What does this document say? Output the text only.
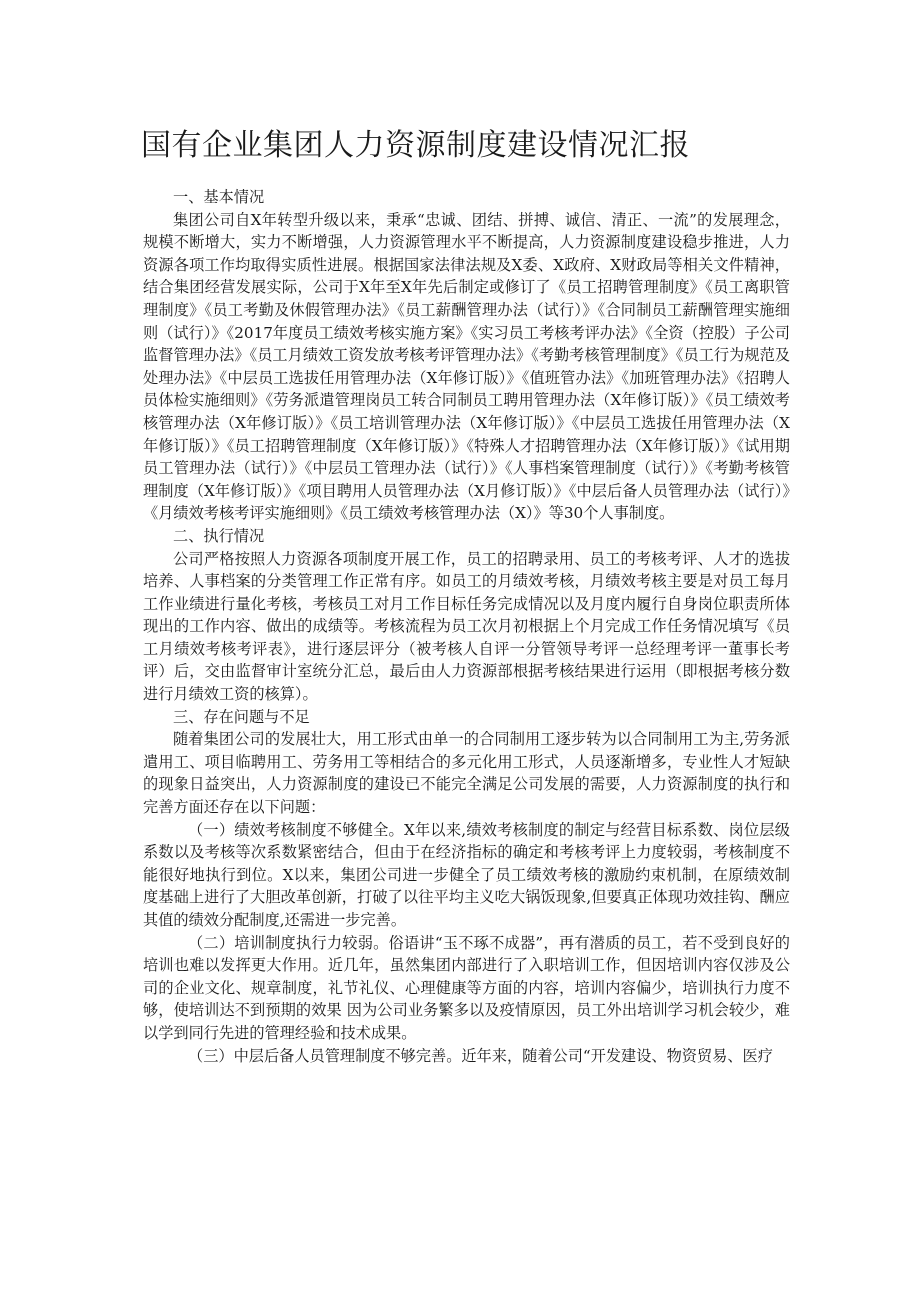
国有企业集团人力资源制度建设情况汇报

一、基本情况

集团公司自X年转型升级以来，秉承“忠诚、团结、拼搏、诚信、清正、一流”的发展理念，规模不断增大，实力不断增强，人力资源管理水平不断提高，人力资源制度建设稳步推进，人力资源各项工作均取得实质性进展。根据国家法律法规及X委、X政府、X财政局等相关文件精神，结合集团经营发展实际，公司于X年至X年先后制定或修订了《员工招聘管理制度》《员工离职管理制度》《员工考勤及休假管理办法》《员工薪酬管理办法（试行）》《合同制员工薪酬管理实施细则（试行）》《2017年度员工绩效考核实施方案》《实习员工考核考评办法》《全资（控股）子公司监督管理办法》《员工月绩效工资发放考核考评管理办法》《考勤考核管理制度》《员工行为规范及处理办法》《中层员工选拔任用管理办法（X年修订版）》《值班管办法》《加班管理办法》《招聘人员体检实施细则》《劳务派遣管理岗员工转合同制员工聘用管理办法（X年修订版）》《员工绩效考核管理办法（X年修订版）》《员工培训管理办法（X年修订版）》《中层员工选拔任用管理办法（X年修订版）》《员工招聘管理制度（X年修订版）》《特殊人才招聘管理办法（X年修订版）》《试用期员工管理办法（试行）》《中层员工管理办法（试行）》《人事档案管理制度（试行）》《考勤考核管理制度（X年修订版）》《项目聘用人员管理办法（X月修订版）》《中层后备人员管理办法（试行）》《月绩效考核考评实施细则》《员工绩效考核管理办法（X）》等30个人事制度。

二、执行情况

公司严格按照人力资源各项制度开展工作，员工的招聘录用、员工的考核考评、人才的选拔培养、人事档案的分类管理工作正常有序。如员工的月绩效考核，月绩效考核主要是对员工每月工作业绩进行量化考核，考核员工对月工作目标任务完成情况以及月度内履行自身岗位职责所体现出的工作内容、做出的成绩等。考核流程为员工次月初根据上个月完成工作任务情况填写《员工月绩效考核考评表》，进行逐层评分（被考核人自评一分管领导考评一总经理考评一董事长考评）后，交由监督审计室统分汇总，最后由人力资源部根据考核结果进行运用（即根据考核分数进行月绩效工资的核算）。

三、存在问题与不足

随着集团公司的发展壮大，用工形式由单一的合同制用工逐步转为以合同制用工为主,劳务派遣用工、项目临聘用工、劳务用工等相结合的多元化用工形式，人员逐渐增多，专业性人才短缺的现象日益突出，人力资源制度的建设已不能完全满足公司发展的需要，人力资源制度的执行和完善方面还存在以下问题：

（一）绩效考核制度不够健全。X年以来,绩效考核制度的制定与经营目标系数、岗位层级系数以及考核等次系数紧密结合，但由于在经济指标的确定和考核考评上力度较弱，考核制度不能很好地执行到位。X以来，集团公司进一步健全了员工绩效考核的激励约束机制，在原绩效制度基础上进行了大胆改革创新，打破了以往平均主义吃大锅饭现象,但要真正体现功效挂钩、酬应其值的绩效分配制度,还需进一步完善。

（二）培训制度执行力较弱。俗语讲“玉不琢不成器”，再有潜质的员工，若不受到良好的培训也难以发挥更大作用。近几年，虽然集团内部进行了入职培训工作，但因培训内容仅涉及公司的企业文化、规章制度，礼节礼仪、心理健康等方面的内容，培训内容偏少，培训执行力度不够，使培训达不到预期的效果 因为公司业务繁多以及疫情原因，员工外出培训学习机会较少，难以学到同行先进的管理经验和技术成果。

（三）中层后备人员管理制度不够完善。近年来，随着公司“开发建设、物资贸易、医疗
